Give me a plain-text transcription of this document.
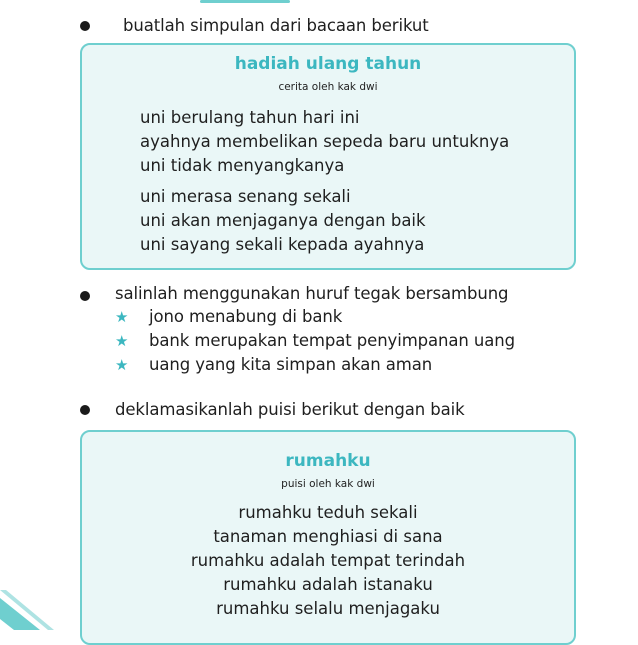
buatlah simpulan dari bacaan berikut
hadiah ulang tahun
cerita oleh kak dwi
uni berulang tahun hari ini
ayahnya membelikan sepeda baru untuknya
uni tidak menyangkanya
uni merasa senang sekali
uni akan menjaganya dengan baik
uni sayang sekali kepada ayahnya
salinlah menggunakan huruf tegak bersambung
★ jono menabung di bank
★ bank merupakan tempat penyimpanan uang
★ uang yang kita simpan akan aman
deklamasikanlah puisi berikut dengan baik
rumahku
puisi oleh kak dwi
rumahku teduh sekali
tanaman menghiasi di sana
rumahku adalah tempat terindah
rumahku adalah istanaku
rumahku selalu menjagaku
